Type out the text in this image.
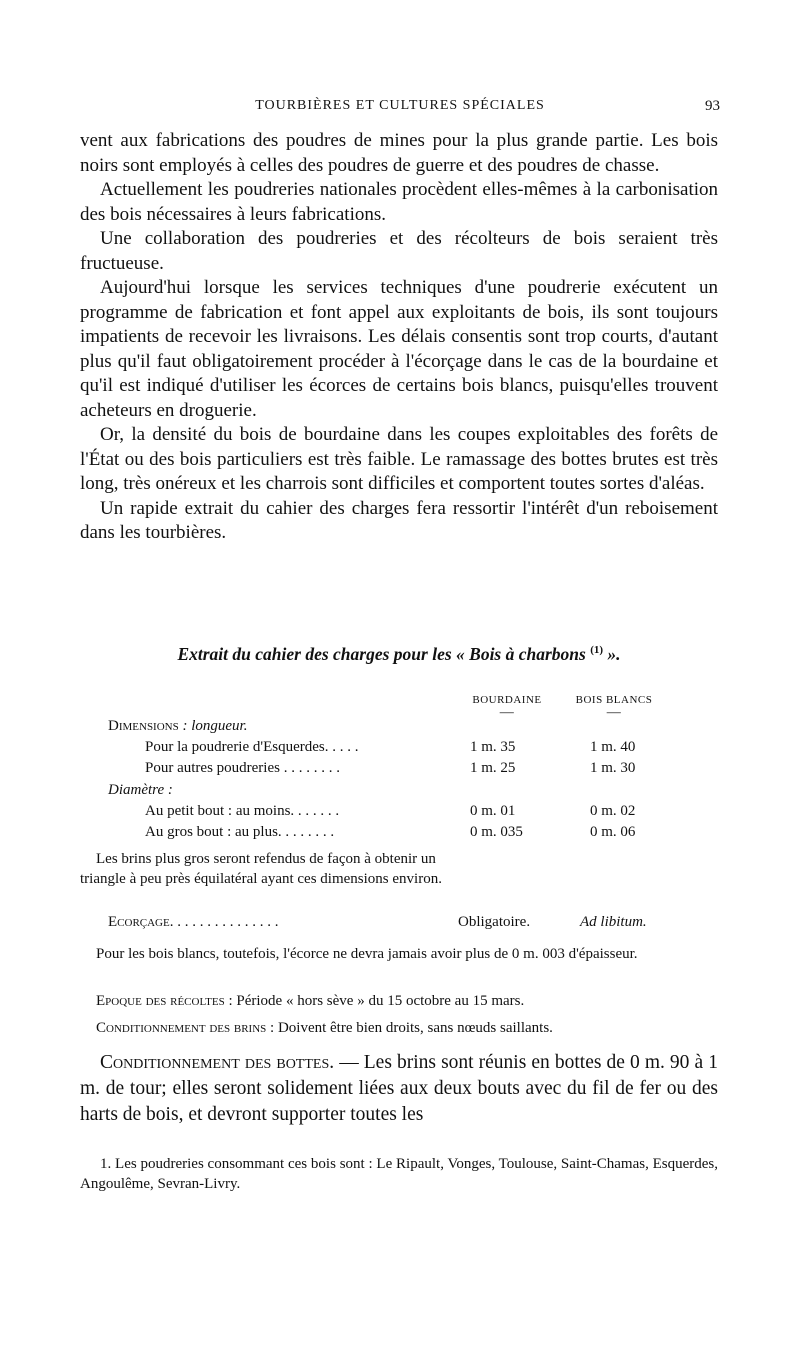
TOURBIÈRES ET CULTURES SPÉCIALES	93

vent aux fabrications des poudres de mines pour la plus grande partie. Les bois noirs sont employés à celles des poudres de guerre et des poudres de chasse.

Actuellement les poudreries nationales procèdent elles-mêmes à la carbonisation des bois nécessaires à leurs fabrications.

Une collaboration des poudreries et des récolteurs de bois seraient très fructueuse.

Aujourd'hui lorsque les services techniques d'une poudrerie exécutent un programme de fabrication et font appel aux exploitants de bois, ils sont toujours impatients de recevoir les livraisons. Les délais consentis sont trop courts, d'autant plus qu'il faut obligatoirement procéder à l'écorçage dans le cas de la bourdaine et qu'il est indiqué d'utiliser les écorces de certains bois blancs, puisqu'elles trouvent acheteurs en droguerie.

Or, la densité du bois de bourdaine dans les coupes exploitables des forêts de l'État ou des bois particuliers est très faible. Le ramassage des bottes brutes est très long, très onéreux et les charrois sont difficiles et comportent toutes sortes d'aléas.

Un rapide extrait du cahier des charges fera ressortir l'intérêt d'un reboisement dans les tourbières.

Extrait du cahier des charges pour les « Bois à charbons $^{(1)}$ ».
BOURDAINE
—
BOIS BLANCS
—
Dimensions : longueur.
Pour la poudrerie d'Esquerdes. . . . .	1 m. 35	1 m. 40
Pour autres poudreries . . . . . . . .	1 m. 25	1 m. 30
Diamètre :
Au petit bout : au moins. . . . . . .	0 m. 01	0 m. 02
Au gros bout : au plus. . . . . . . .	0 m. 035	0 m. 06
Les brins plus gros seront refendus de façon à obtenir un triangle à peu près équilatéral ayant ces dimensions environ.
Ecorçage. . . . . . . . . . . . . . .	Obligatoire.	Ad libitum.
Pour les bois blancs, toutefois, l'écorce ne devra jamais avoir plus de 0 m. 003 d'épaisseur.
Epoque des récoltes : Période « hors sève » du 15 octobre au 15 mars.
Conditionnement des brins : Doivent être bien droits, sans nœuds saillants.

Conditionnement des bottes. — Les brins sont réunis en bottes de 0 m. 90 à 1 m. de tour; elles seront solidement liées aux deux bouts avec du fil de fer ou des harts de bois, et devront supporter toutes les

1. Les poudreries consommant ces bois sont : Le Ripault, Vonges, Toulouse, Saint-Chamas, Esquerdes, Angoulême, Sevran-Livry.
